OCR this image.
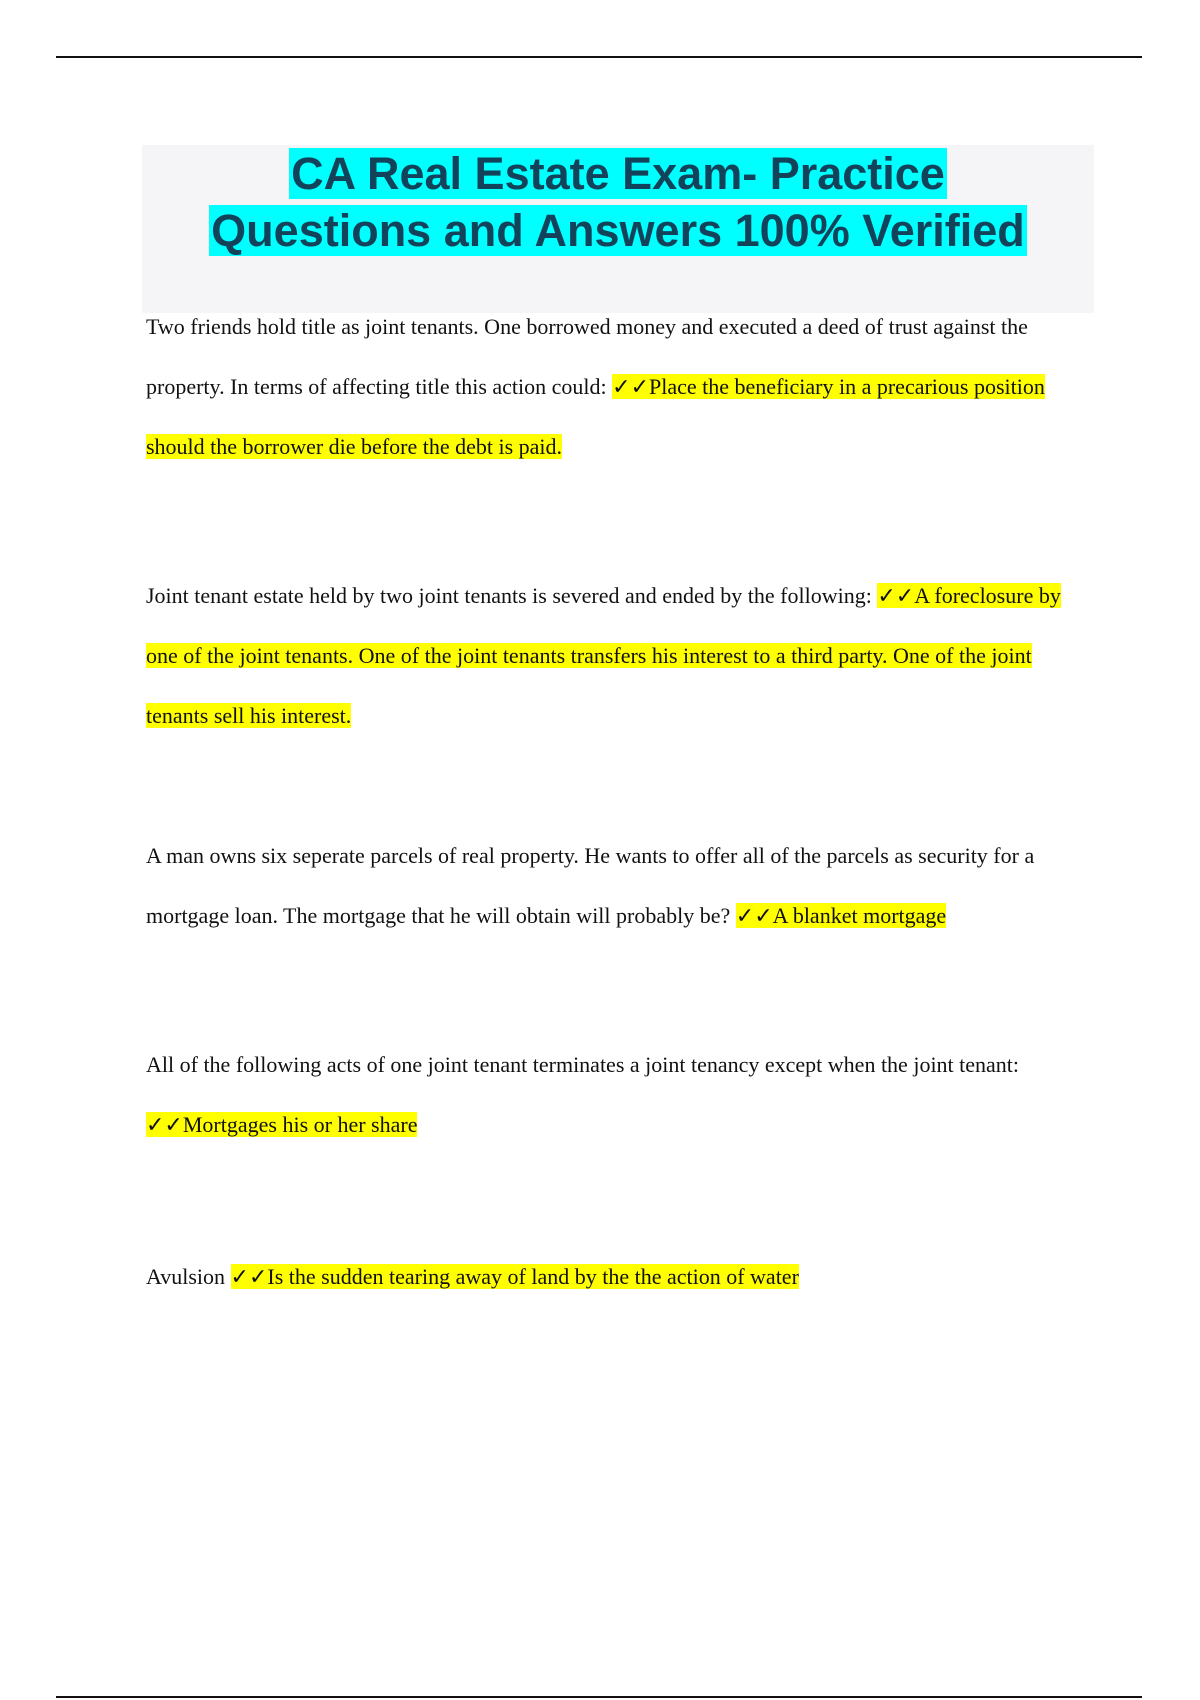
CA Real Estate Exam- Practice
Questions and Answers 100% Verified
Two friends hold title as joint tenants. One borrowed money and executed a deed of trust against the property. In terms of affecting title this action could: ✓✓Place the beneficiary in a precarious position should the borrower die before the debt is paid.
Joint tenant estate held by two joint tenants is severed and ended by the following: ✓✓A foreclosure by one of the joint tenants. One of the joint tenants transfers his interest to a third party. One of the joint tenants sell his interest.
A man owns six seperate parcels of real property. He wants to offer all of the parcels as security for a mortgage loan. The mortgage that he will obtain will probably be? ✓✓A blanket mortgage
All of the following acts of one joint tenant terminates a joint tenancy except when the joint tenant: ✓✓Mortgages his or her share
Avulsion ✓✓Is the sudden tearing away of land by the the action of water
